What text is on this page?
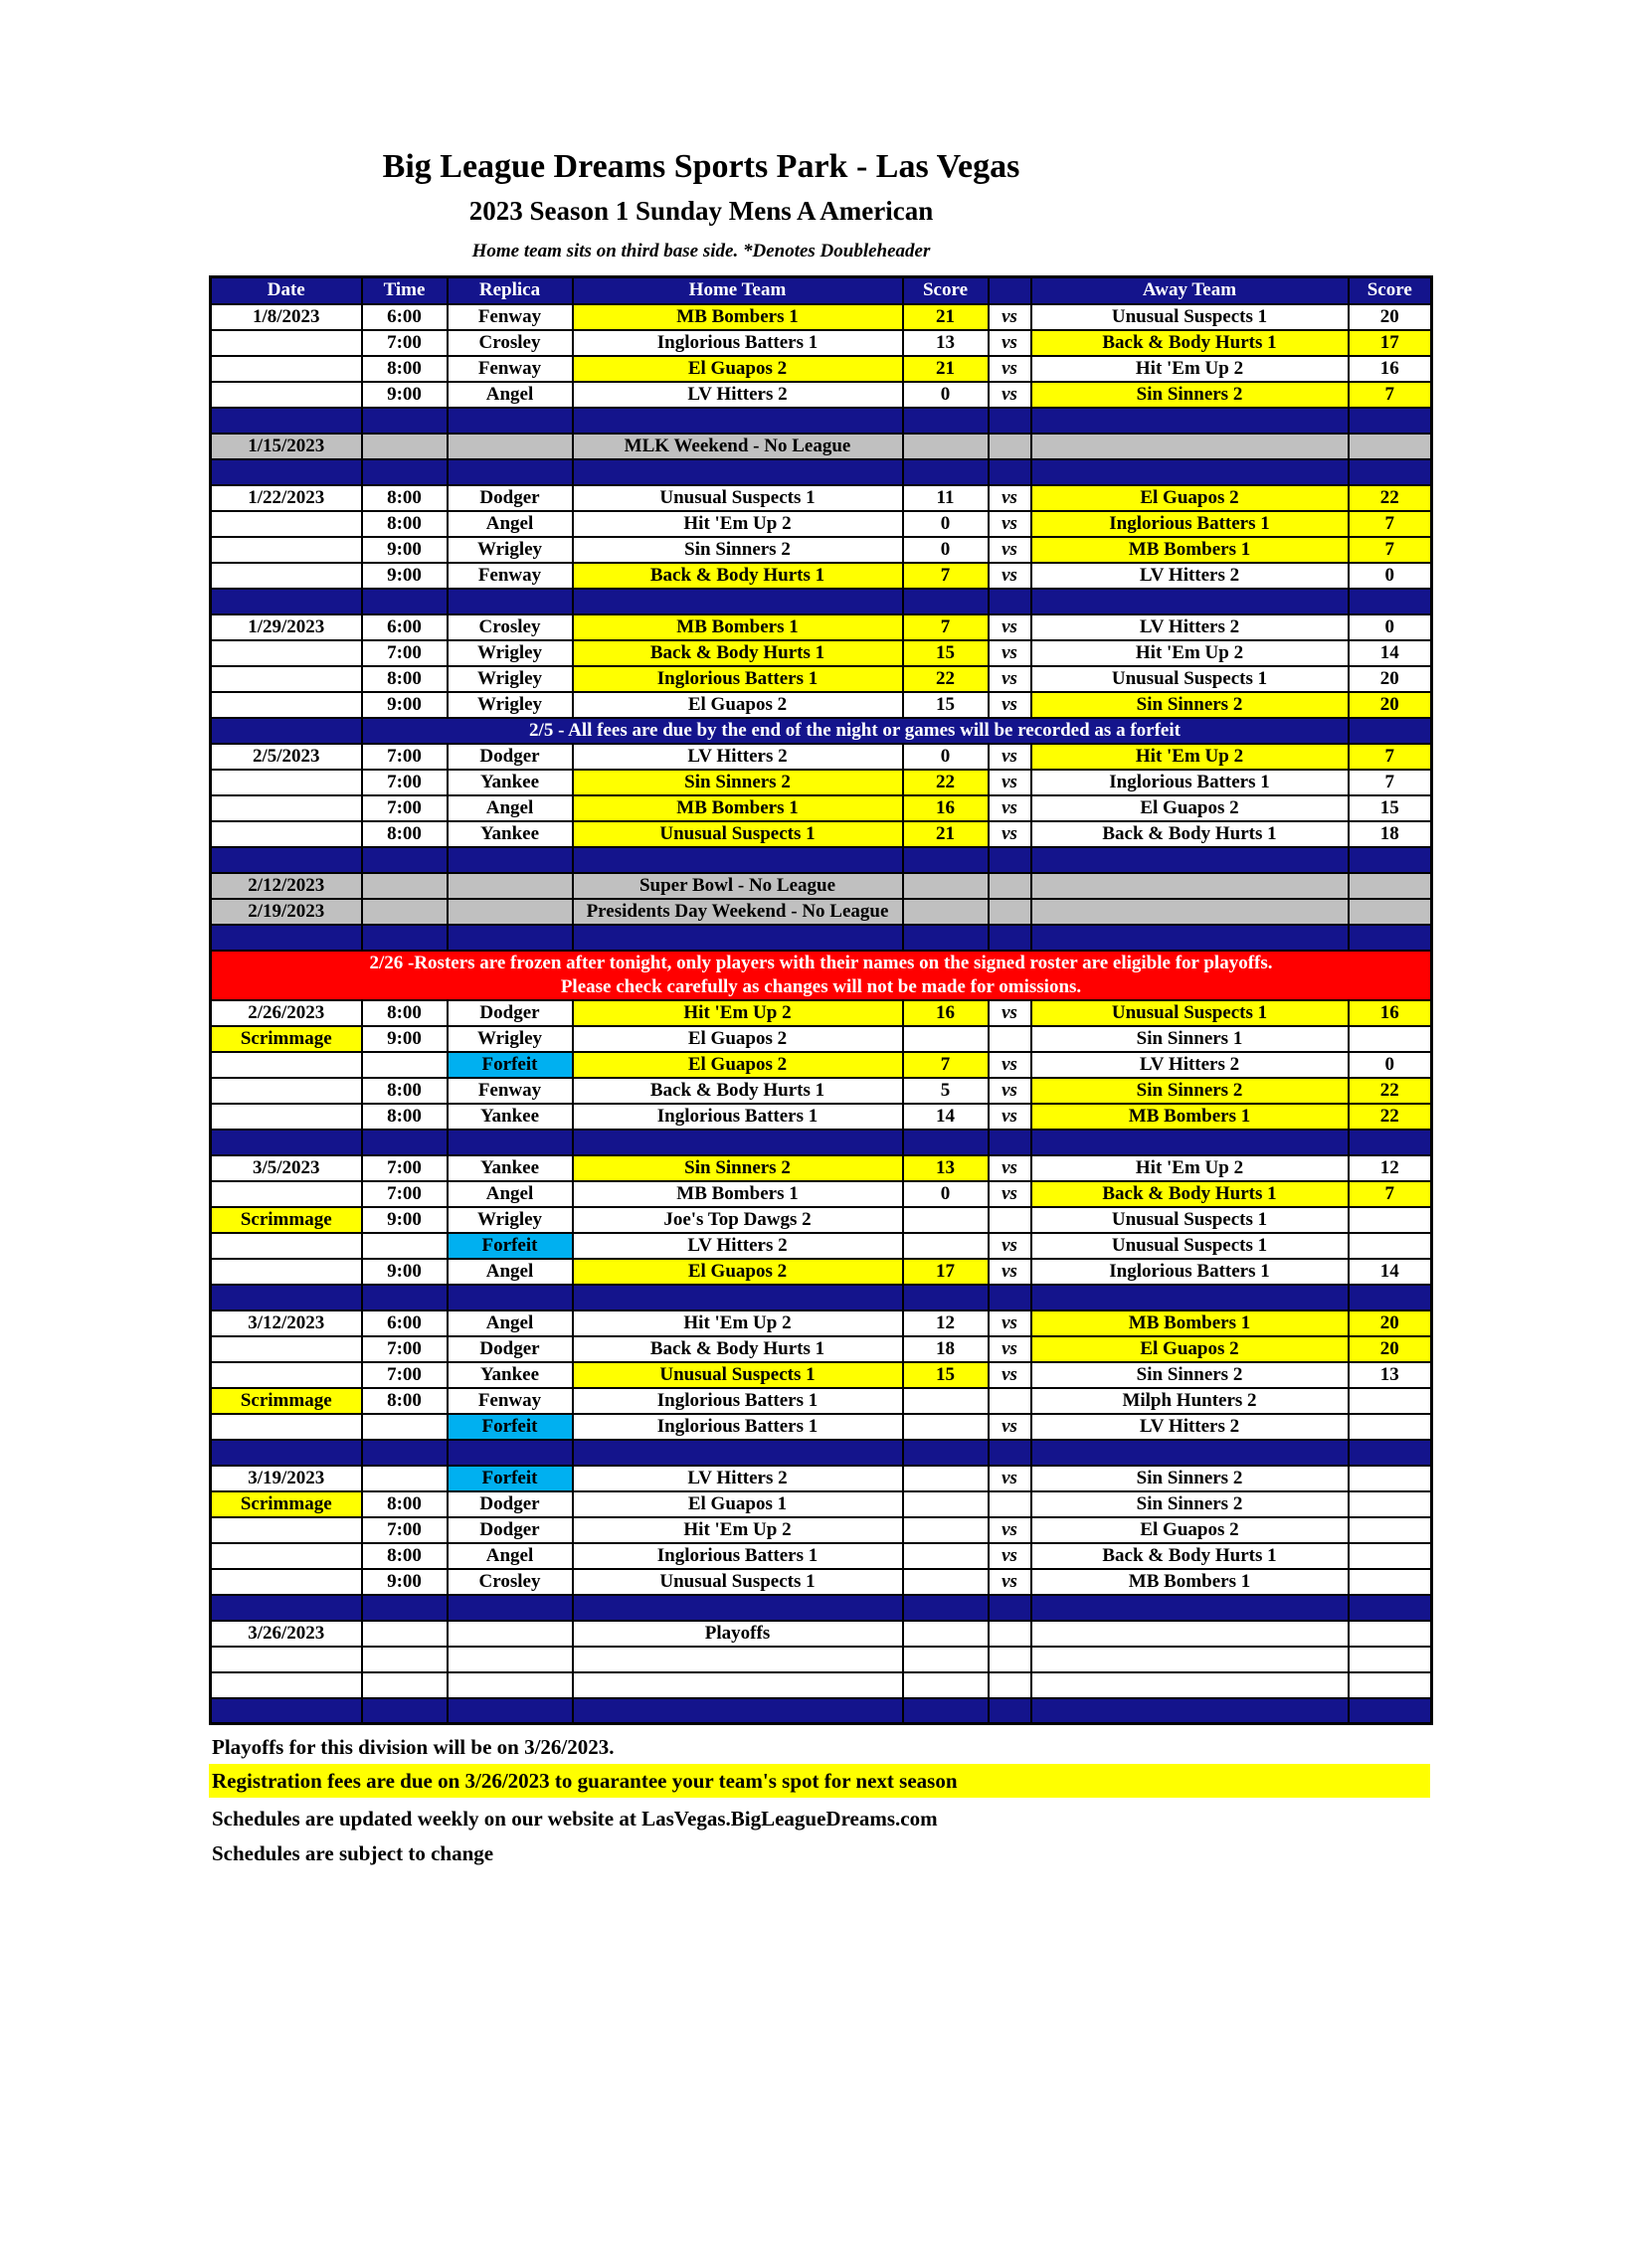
Big League Dreams Sports Park - Las Vegas
2023 Season 1 Sunday Mens A American
Home team sits on third base side. *Denotes Doubleheader
Date	Time	Replica	Home Team	Score		Away Team	Score
1/8/2023	6:00	Fenway	MB Bombers 1	21	vs	Unusual Suspects 1	20
	7:00	Crosley	Inglorious Batters 1	13	vs	Back & Body Hurts 1	17
	8:00	Fenway	El Guapos 2	21	vs	Hit 'Em Up 2	16
	9:00	Angel	LV Hitters 2	0	vs	Sin Sinners 2	7

1/15/2023			MLK Weekend - No League				

1/22/2023	8:00	Dodger	Unusual Suspects 1	11	vs	El Guapos 2	22
	8:00	Angel	Hit 'Em Up 2	0	vs	Inglorious Batters 1	7
	9:00	Wrigley	Sin Sinners 2	0	vs	MB Bombers 1	7
	9:00	Fenway	Back & Body Hurts 1	7	vs	LV Hitters 2	0

1/29/2023	6:00	Crosley	MB Bombers 1	7	vs	LV Hitters 2	0
	7:00	Wrigley	Back & Body Hurts 1	15	vs	Hit 'Em Up 2	14
	8:00	Wrigley	Inglorious Batters 1	22	vs	Unusual Suspects 1	20
	9:00	Wrigley	El Guapos 2	15	vs	Sin Sinners 2	20
	2/5 - All fees are due by the end of the night or games will be recorded as a forfeit						
2/5/2023	7:00	Dodger	LV Hitters 2	0	vs	Hit 'Em Up 2	7
	7:00	Yankee	Sin Sinners 2	22	vs	Inglorious Batters 1	7
	7:00	Angel	MB Bombers 1	16	vs	El Guapos 2	15
	8:00	Yankee	Unusual Suspects 1	21	vs	Back & Body Hurts 1	18

2/12/2023			Super Bowl - No League				
2/19/2023			Presidents Day Weekend - No League				

2/26 -Rosters are frozen after tonight, only players with their names on the signed roster are eligible for playoffs.
Please check carefully as changes will not be made for omissions.							

2/26/2023	8:00	Dodger	Hit 'Em Up 2	16	vs	Unusual Suspects 1	16
Scrimmage	9:00	Wrigley	El Guapos 2			Sin Sinners 1	
		Forfeit	El Guapos 2	7	vs	LV Hitters 2	0
	8:00	Fenway	Back & Body Hurts 1	5	vs	Sin Sinners 2	22
	8:00	Yankee	Inglorious Batters 1	14	vs	MB Bombers 1	22

3/5/2023	7:00	Yankee	Sin Sinners 2	13	vs	Hit 'Em Up 2	12
	7:00	Angel	MB Bombers 1	0	vs	Back & Body Hurts 1	7
Scrimmage	9:00	Wrigley	Joe's Top Dawgs 2			Unusual Suspects 1	
		Forfeit	LV Hitters 2		vs	Unusual Suspects 1	
	9:00	Angel	El Guapos 2	17	vs	Inglorious Batters 1	14

3/12/2023	6:00	Angel	Hit 'Em Up 2	12	vs	MB Bombers 1	20
	7:00	Dodger	Back & Body Hurts 1	18	vs	El Guapos 2	20
	7:00	Yankee	Unusual Suspects 1	15	vs	Sin Sinners 2	13
Scrimmage	8:00	Fenway	Inglorious Batters 1			Milph Hunters 2	
		Forfeit	Inglorious Batters 1		vs	LV Hitters 2	

3/19/2023		Forfeit	LV Hitters 2		vs	Sin Sinners 2	
Scrimmage	8:00	Dodger	El Guapos 1			Sin Sinners 2	
	7:00	Dodger	Hit 'Em Up 2		vs	El Guapos 2	
	8:00	Angel	Inglorious Batters 1		vs	Back & Body Hurts 1	
	9:00	Crosley	Unusual Suspects 1		vs	MB Bombers 1	

3/26/2023			Playoffs				

Playoffs for this division will be on 3/26/2023.
Registration fees are due on 3/26/2023 to guarantee your team's spot for next season
Schedules are updated weekly on our website at LasVegas.BigLeagueDreams.com
Schedules are subject to change
